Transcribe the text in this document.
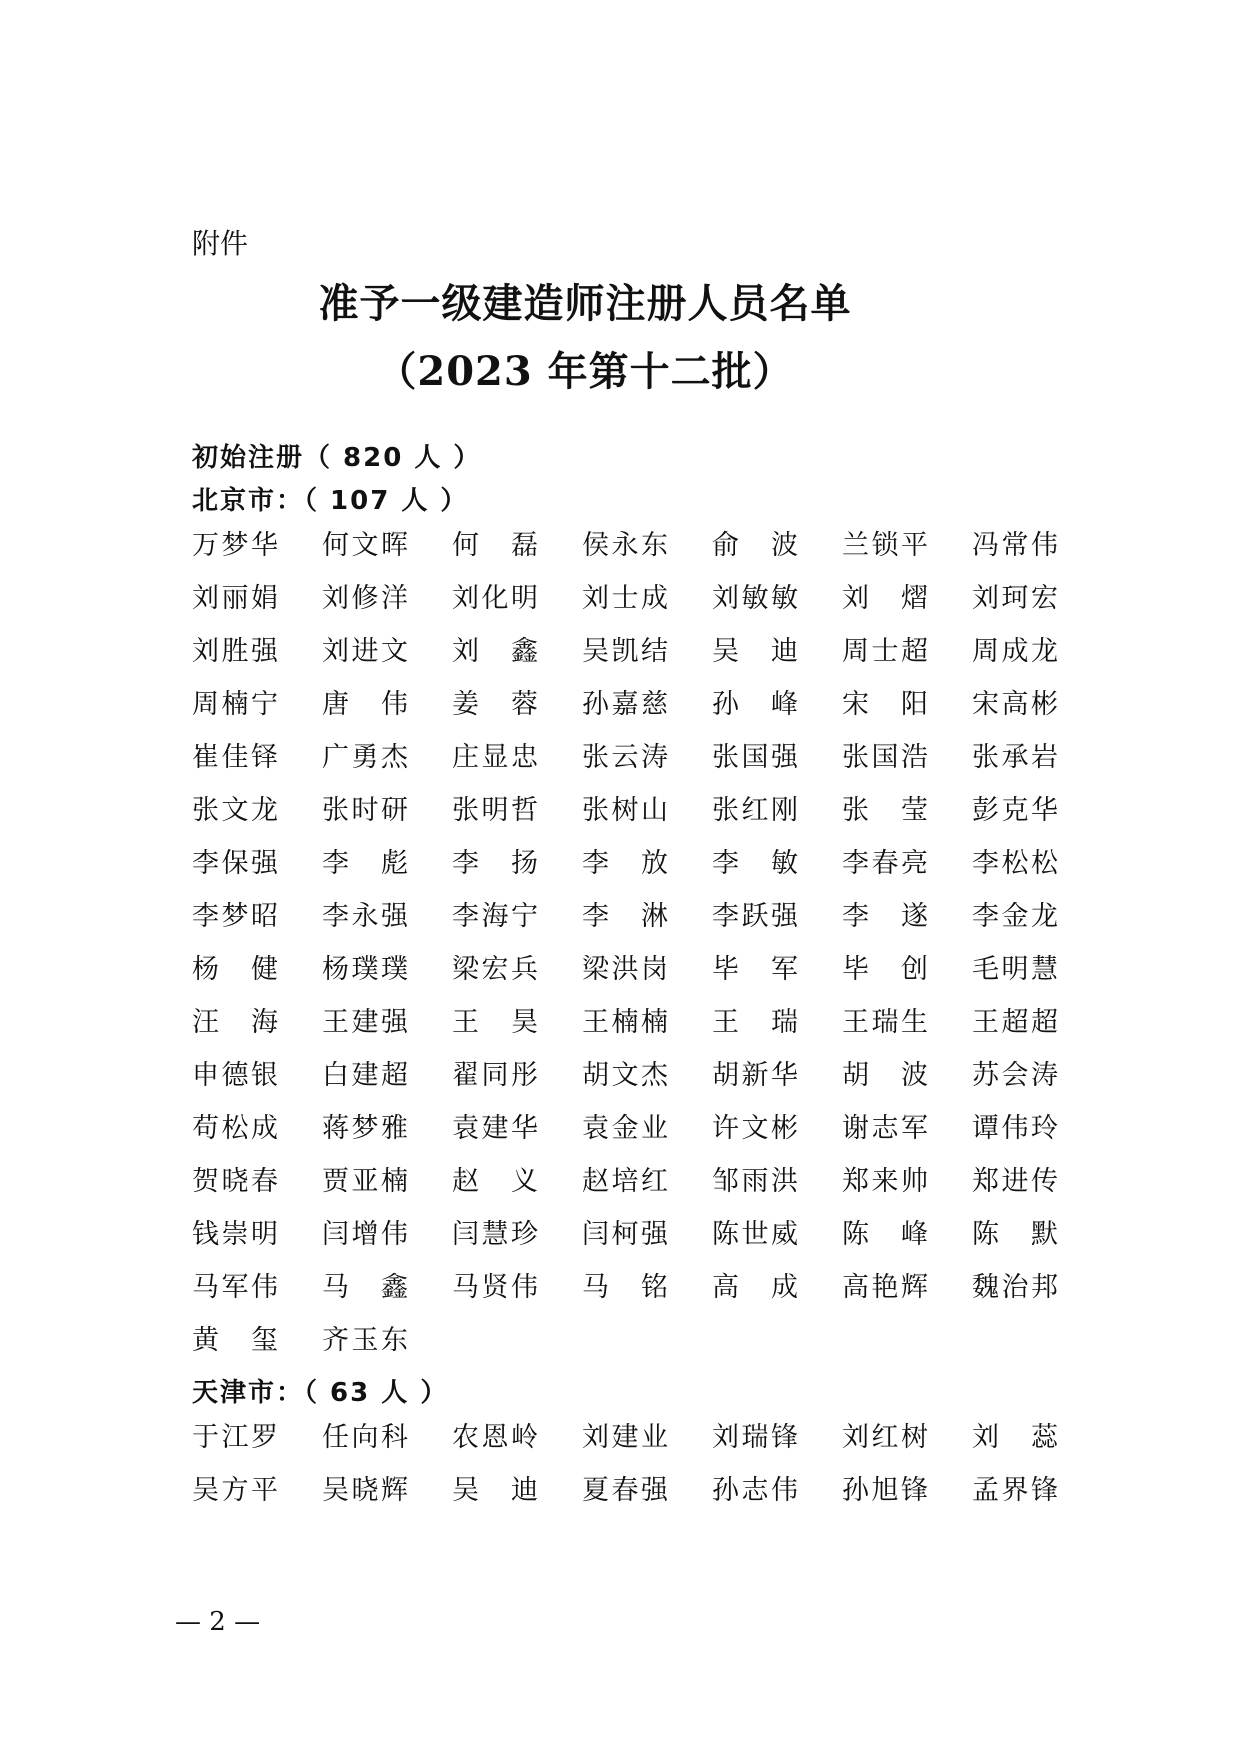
附件
准予一级建造师注册人员名单
（2023 年第十二批）
初始注册（ 820 人 ）
北京市：（ 107 人 ）
万梦华 何文晖 何 磊 侯永东 俞 波 兰锁平 冯常伟
刘丽娟 刘修洋 刘化明 刘士成 刘敏敏 刘 熠 刘珂宏
刘胜强 刘进文 刘 鑫 吴凯结 吴 迪 周士超 周成龙
周楠宁 唐 伟 姜 蓉 孙嘉慈 孙 峰 宋 阳 宋高彬
崔佳铎 广勇杰 庄显忠 张云涛 张国强 张国浩 张承岩
张文龙 张时研 张明哲 张树山 张红刚 张 莹 彭克华
李保强 李 彪 李 扬 李 放 李 敏 李春亮 李松松
李梦昭 李永强 李海宁 李 淋 李跃强 李 遂 李金龙
杨 健 杨璞璞 梁宏兵 梁洪岗 毕 军 毕 创 毛明慧
汪 海 王建强 王 昊 王楠楠 王 瑞 王瑞生 王超超
申德银 白建超 翟同彤 胡文杰 胡新华 胡 波 苏会涛
苟松成 蒋梦雅 袁建华 袁金业 许文彬 谢志军 谭伟玲
贺晓春 贾亚楠 赵 义 赵培红 邹雨洪 郑来帅 郑进传
钱崇明 闫增伟 闫慧珍 闫柯强 陈世威 陈 峰 陈 默
马军伟 马 鑫 马贤伟 马 铭 高 成 高艳辉 魏治邦
黄 玺 齐玉东
天津市：（ 63 人 ）
于江罗 任向科 农恩岭 刘建业 刘瑞锋 刘红树 刘 蕊
吴方平 吴晓辉 吴 迪 夏春强 孙志伟 孙旭锋 孟界锋
— 2 —
